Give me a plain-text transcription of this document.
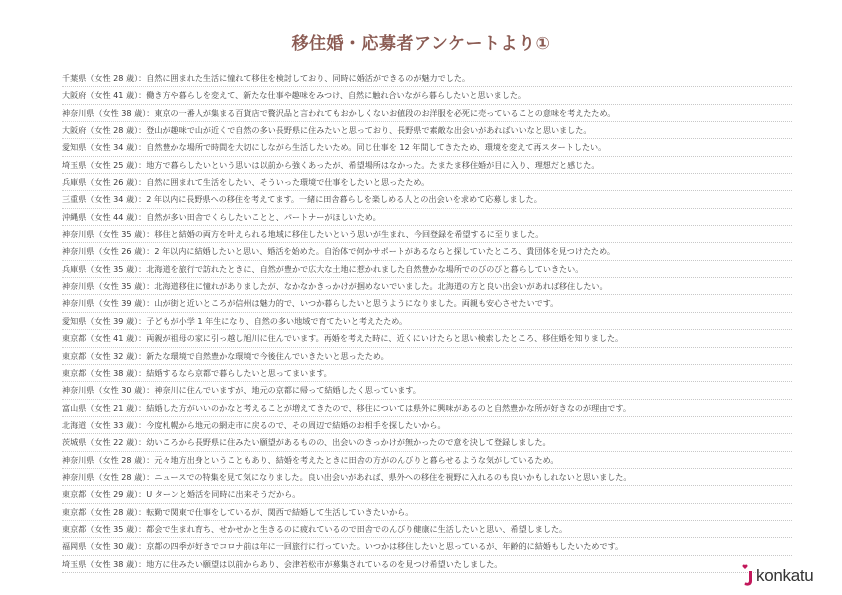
移住婚・応募者アンケートより①
千葉県（女性 28 歳）：自然に囲まれた生活に憧れて移住を検討しており、同時に婚活ができるのが魅力でした。
大阪府（女性 41 歳）：働き方や暮らしを変えて、新たな仕事や趣味をみつけ、自然に触れ合いながら暮らしたいと思いました。
神奈川県（女性 38 歳）：東京の一番人が集まる百貨店で贅沢品と言われてもおかしくないお値段のお洋服を必死に売っていることの意味を考えたため。
大阪府（女性 28 歳）：登山が趣味で山が近くで自然の多い長野県に住みたいと思っており、長野県で素敵な出会いがあればいいなと思いました。
愛知県（女性 34 歳）：自然豊かな場所で時間を大切にしながら生活したいため。同じ仕事を 12 年間してきたため、環境を変えて再スタートしたい。
埼玉県（女性 25 歳）：地方で暮らしたいという思いは以前から強くあったが、希望場所はなかった。たまたま移住婚が目に入り、理想だと感じた。
兵庫県（女性 26 歳）：自然に囲まれて生活をしたい、そういった環境で仕事をしたいと思ったため。
三重県（女性 34 歳）：2 年以内に長野県への移住を考えてます。一緒に田舎暮らしを楽しめる人との出会いを求めて応募しました。
沖縄県（女性 44 歳）：自然が多い田舎でくらしたいことと、パートナーがほしいため。
神奈川県（女性 35 歳）：移住と結婚の両方を叶えられる地域に移住したいという思いが生まれ、今回登録を希望するに至りました。
神奈川県（女性 26 歳）：2 年以内に結婚したいと思い、婚活を始めた。自治体で何かサポートがあるならと探していたところ、貴団体を見つけたため。
兵庫県（女性 35 歳）：北海道を旅行で訪れたときに、自然が豊かで広大な土地に惹かれました自然豊かな場所でのびのびと暮らしていきたい。
神奈川県（女性 35 歳）：北海道移住に憧れがありましたが、なかなかきっかけが掴めないでいました。北海道の方と良い出会いがあれば移住したい。
神奈川県（女性 39 歳）：山が街と近いところが信州は魅力的で、いつか暮らしたいと思うようになりました。両親も安心させたいです。
愛知県（女性 39 歳）：子どもが小学 1 年生になり、自然の多い地域で育てたいと考えたため。
東京都（女性 41 歳）：両親が祖母の家に引っ越し旭川に住んでいます。再婚を考えた時に、近くにいけたらと思い検索したところ、移住婚を知りました。
東京都（女性 32 歳）：新たな環境で自然豊かな環境で今後住んでいきたいと思ったため。
東京都（女性 38 歳）：結婚するなら京都で暮らしたいと思ってまいます。
神奈川県（女性 30 歳）：神奈川に住んでいますが、地元の京都に帰って結婚したく思っています。
富山県（女性 21 歳）：結婚した方がいいのかなと考えることが増えてきたので、移住については県外に興味があるのと自然豊かな所が好きなのが理由です。
北海道（女性 33 歳）：今度札幌から地元の網走市に戻るので、その周辺で結婚のお相手を探したいから。
茨城県（女性 22 歳）：幼いころから長野県に住みたい願望があるものの、出会いのきっかけが無かったので意を決して登録しました。
神奈川県（女性 28 歳）：元々地方出身ということもあり、結婚を考えたときに田舎の方がのんびりと暮らせるような気がしているため。
神奈川県（女性 28 歳）：ニュースでの特集を見て気になりました。良い出会いがあれば、県外への移住を視野に入れるのも良いかもしれないと思いました。
東京都（女性 29 歳）：U ターンと婚活を同時に出来そうだから。
東京都（女性 28 歳）：転勤で関東で仕事をしているが、関西で結婚して生活していきたいから。
東京都（女性 35 歳）：都会で生まれ育ち、せかせかと生きるのに疲れているので田舎でのんびり健康に生活したいと思い、希望しました。
福岡県（女性 30 歳）：京都の四季が好きでコロナ前は年に一回旅行に行っていた。いつかは移住したいと思っているが、年齢的に結婚もしたいためです。
埼玉県（女性 38 歳）：地方に住みたい願望は以前からあり、会津若松市が募集されているのを見つけ希望いたしました。
konkatu
